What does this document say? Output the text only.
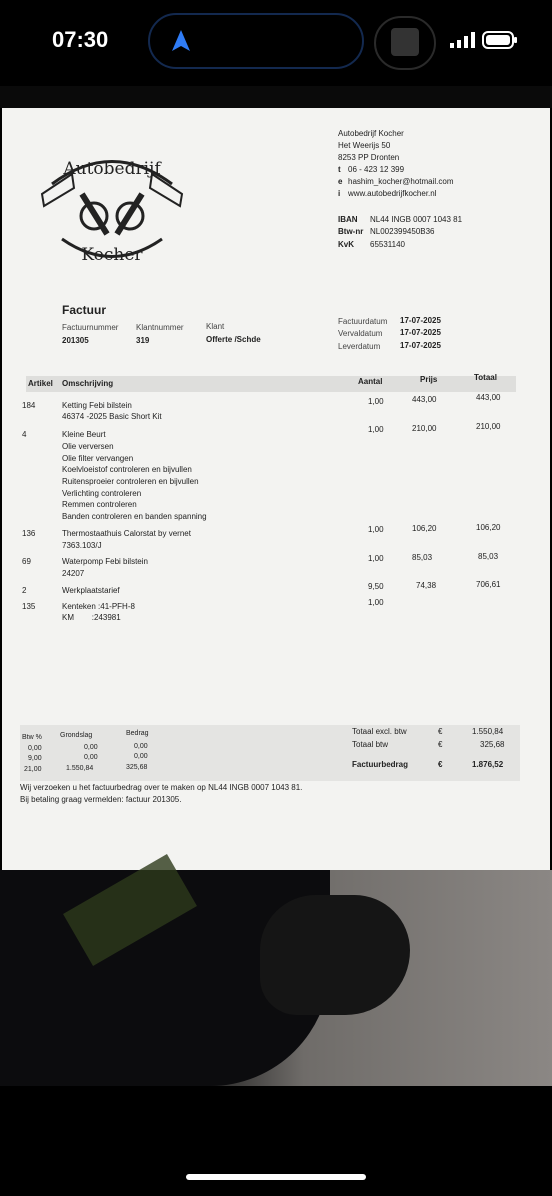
07:30
Autobedrijf
Kocher
Autobedrijf Kocher
Het Weerijs 50
8253 PP Dronten
t 06 - 423 12 399
e hashim_kocher@hotmail.com
i www.autobedrijfkocher.nl
IBAN NL44 INGB 0007 1043 81
Btw-nr NL002399450B36
KvK 65531140
Factuur
Factuurnummer
201305
Klantnummer
319
Klant
Offerte /Schde
Factuurdatum 17-07-2025
Vervaldatum 17-07-2025
Leverdatum 17-07-2025
Artikel Omschrijving	Aantal	Prijs	Totaal
184	Ketting Febi bilstein
46374 -2025 Basic Short Kit
1,00	443,00	443,00
4	Kleine Beurt
Olie verversen
Olie filter vervangen
Koelvloeistof controleren en bijvullen
Ruitensproeier controleren en bijvullen
Verlichting controleren
Remmen controleren
Banden controleren en banden spanning
1,00	210,00	210,00
136	Thermostaathuis Calorstat by vernet
7363.103/J
1,00	106,20	106,20
69	Waterpomp Febi bilstein
24207
1,00	85,03	85,03
2	Werkplaatstarief	9,50	74,38	706,61
135	Kenteken :41-PFH-8
KM        :243981
1,00
Btw %	Grondslag	Bedrag
0,00	0,00	0,00
9,00	0,00	0,00
21,00	1.550,84	325,68
Totaal excl. btw	€	1.550,84
Totaal btw	€	325,68
Factuurbedrag	€	1.876,52
Wij verzoeken u het factuurbedrag over te maken op NL44 INGB 0007 1043 81.
Bij betaling graag vermelden: factuur 201305.
